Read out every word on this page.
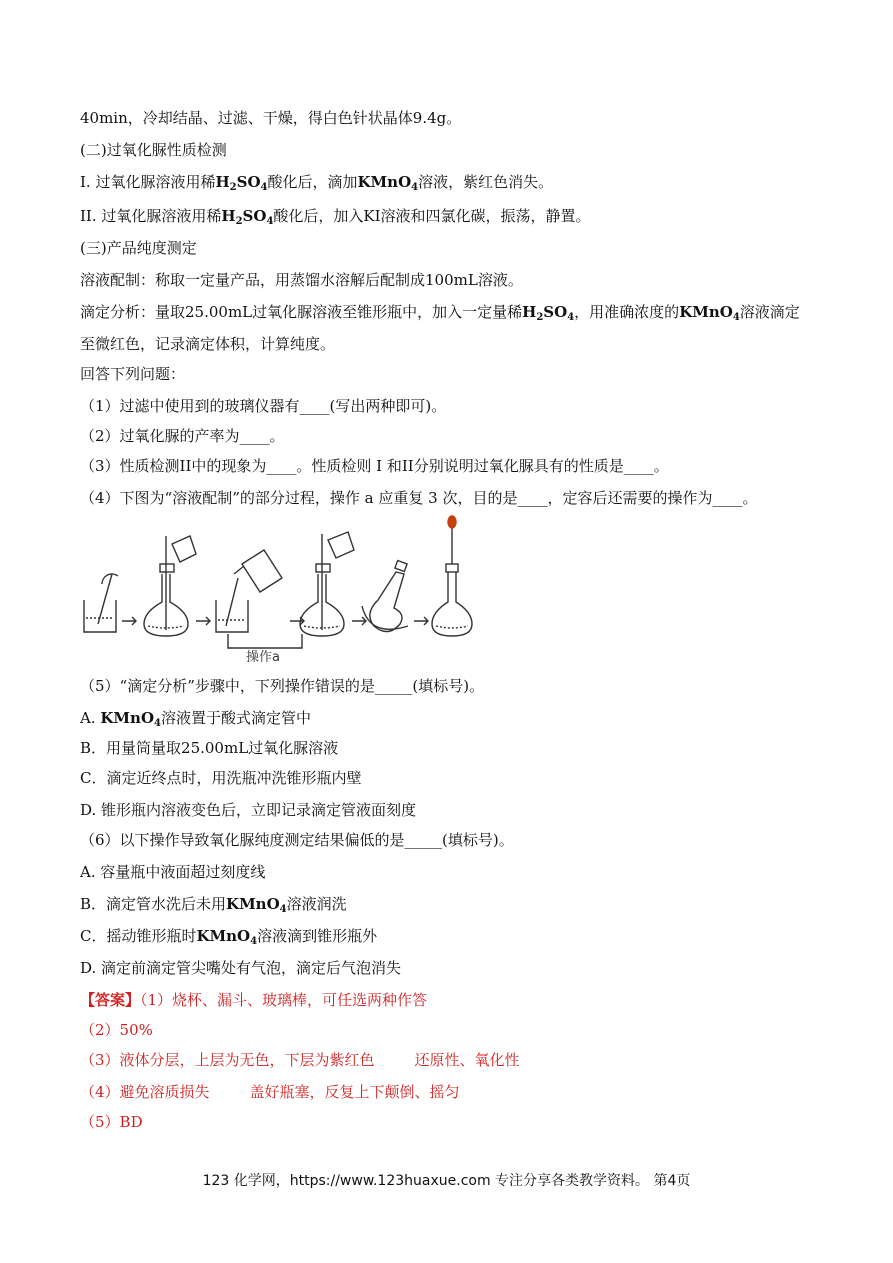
40min，冷却结晶、过滤、干燥，得白色针状晶体9.4g。
(二)过氧化脲性质检测
I. 过氧化脲溶液用稀$H_2SO_4$酸化后，滴加KMnO$_4$溶液，紫红色消失。
II. 过氧化脲溶液用稀$H_2SO_4$酸化后，加入KI溶液和四氯化碳，振荡，静置。
(三)产品纯度测定
溶液配制：称取一定量产品，用蒸馏水溶解后配制成100mL溶液。
滴定分析：量取25.00mL过氧化脲溶液至锥形瓶中，加入一定量稀$H_2SO_4$，用准确浓度的KMnO$_4$溶液滴定
至微红色，记录滴定体积，计算纯度。
回答下列问题：
（1）过滤中使用到的玻璃仪器有____(写出两种即可)。
（2）过氧化脲的产率为____。
（3）性质检测II中的现象为____。性质检则 I 和II分别说明过氧化脲具有的性质是____。
（4）下图为“溶液配制”的部分过程，操作 a 应重复 3 次，目的是____，定容后还需要的操作为____。
操作a
（5）“滴定分析”步骤中，下列操作错误的是_____(填标号)。
A. KMnO$_4$溶液置于酸式滴定管中
B．用量筒量取25.00mL过氧化脲溶液
C．滴定近终点时，用洗瓶冲洗锥形瓶内壁
D. 锥形瓶内溶液变色后，立即记录滴定管液面刻度
（6）以下操作导致氧化脲纯度测定结果偏低的是_____(填标号)。
A. 容量瓶中液面超过刻度线
B．滴定管水洗后未用KMnO$_4$溶液润洗
C．摇动锥形瓶时KMnO$_4$溶液滴到锥形瓶外
D. 滴定前滴定管尖嘴处有气泡，滴定后气泡消失
【答案】（1）烧杯、漏斗、玻璃棒，可任选两种作答
（2）50%
（3）液体分层，上层为无色，下层为紫红色	还原性、氧化性
（4）避免溶质损失	盖好瓶塞，反复上下颠倒、摇匀
（5）BD
123 化学网，https://www.123huaxue.com 专注分享各类教学资料。 第4页
